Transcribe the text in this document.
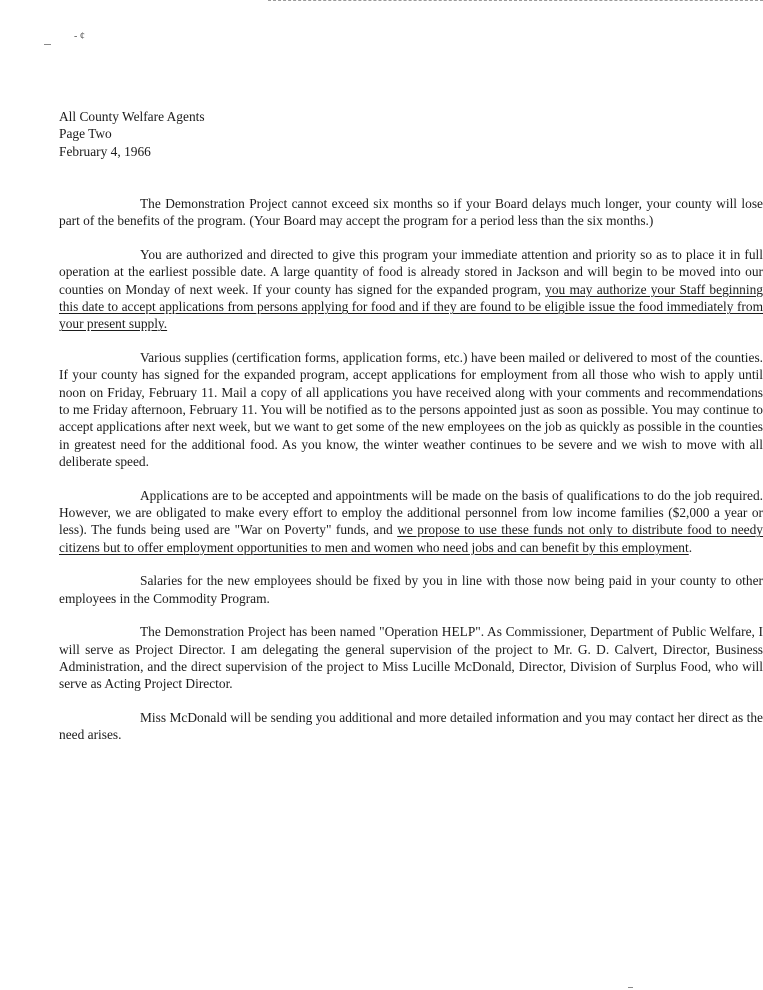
- ¢
All County Welfare Agents
Page Two
February 4, 1966

The Demonstration Project cannot exceed six months so if your Board delays much longer, your county will lose part of the benefits of the program. (Your Board may accept the program for a period less than the six months.)

You are authorized and directed to give this program your immediate attention and priority so as to place it in full operation at the earliest possible date. A large quantity of food is already stored in Jackson and will begin to be moved into our counties on Monday of next week. If your county has signed for the expanded program, you may authorize your Staff beginning this date to accept applications from persons applying for food and if they are found to be eligible issue the food immediately from your present supply.

Various supplies (certification forms, application forms, etc.) have been mailed or delivered to most of the counties. If your county has signed for the expanded program, accept applications for employment from all those who wish to apply until noon on Friday, February 11. Mail a copy of all applications you have received along with your comments and recommendations to me Friday afternoon, February 11. You will be notified as to the persons appointed just as soon as possible. You may continue to accept applications after next week, but we want to get some of the new employees on the job as quickly as possible in the counties in greatest need for the additional food. As you know, the winter weather continues to be severe and we wish to move with all deliberate speed.

Applications are to be accepted and appointments will be made on the basis of qualifications to do the job required. However, we are obligated to make every effort to employ the additional personnel from low income families ($2,000 a year or less). The funds being used are "War on Poverty" funds, and we propose to use these funds not only to distribute food to needy citizens but to offer employment opportunities to men and women who need jobs and can benefit by this employment.

Salaries for the new employees should be fixed by you in line with those now being paid in your county to other employees in the Commodity Program.

The Demonstration Project has been named "Operation HELP". As Commissioner, Department of Public Welfare, I will serve as Project Director. I am delegating the general supervision of the project to Mr. G. D. Calvert, Director, Business Administration, and the direct supervision of the project to Miss Lucille McDonald, Director, Division of Surplus Food, who will serve as Acting Project Director.

Miss McDonald will be sending you additional and more detailed information and you may contact her direct as the need arises.
